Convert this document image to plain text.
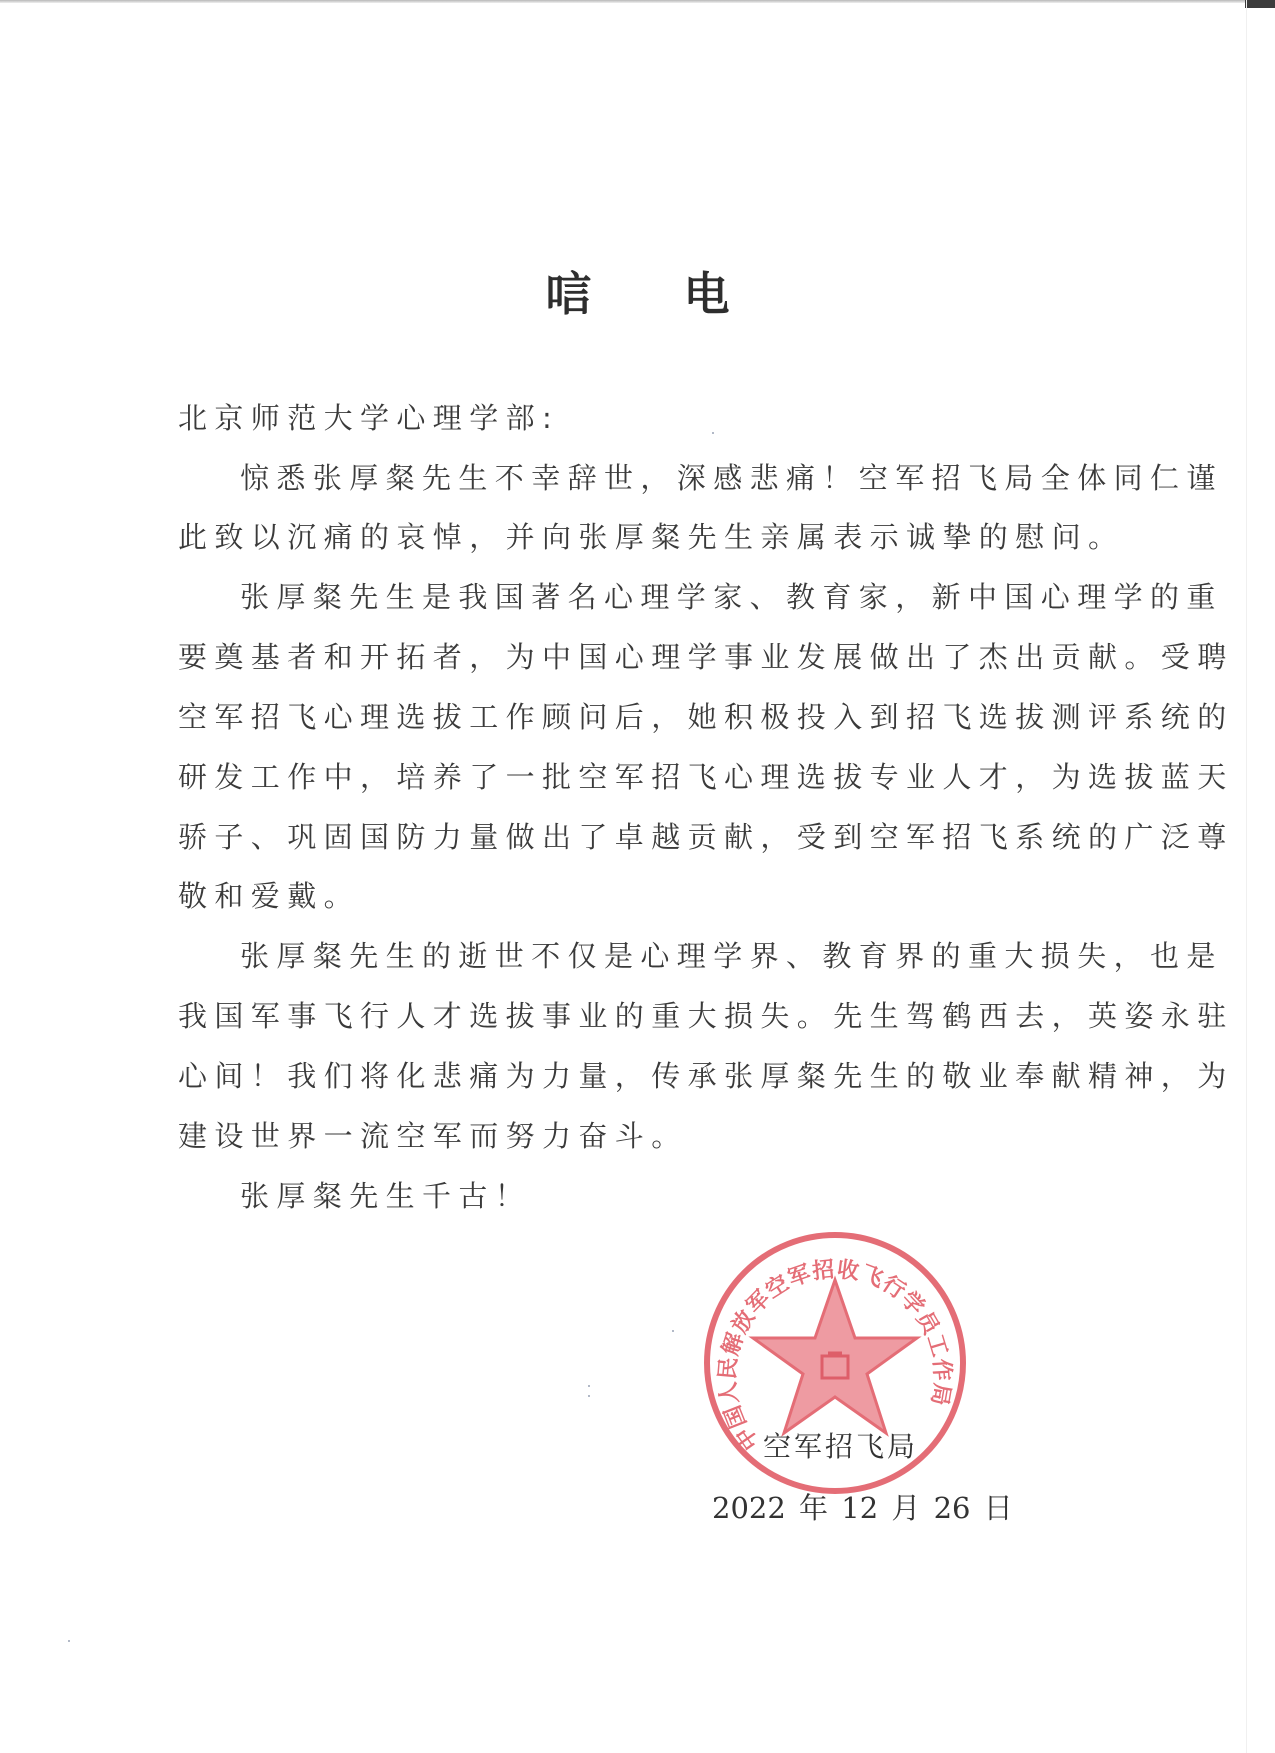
唁 电
北京师范大学心理学部:
惊悉张厚粲先生不幸辞世，深感悲痛！空军招飞局全体同仁谨
此致以沉痛的哀悼，并向张厚粲先生亲属表示诚挚的慰问。
张厚粲先生是我国著名心理学家、教育家，新中国心理学的重
要奠基者和开拓者，为中国心理学事业发展做出了杰出贡献。受聘
空军招飞心理选拔工作顾问后，她积极投入到招飞选拔测评系统的
研发工作中，培养了一批空军招飞心理选拔专业人才，为选拔蓝天
骄子、巩固国防力量做出了卓越贡献，受到空军招飞系统的广泛尊
敬和爱戴。
张厚粲先生的逝世不仅是心理学界、教育界的重大损失，也是
我国军事飞行人才选拔事业的重大损失。先生驾鹤西去，英姿永驻
心间！我们将化悲痛为力量，传承张厚粲先生的敬业奉献精神，为
建设世界一流空军而努力奋斗。
张厚粲先生千古！
中国人民解放军空军招收飞行学员工作局
空军招飞局
2022 年 12 月 26 日
